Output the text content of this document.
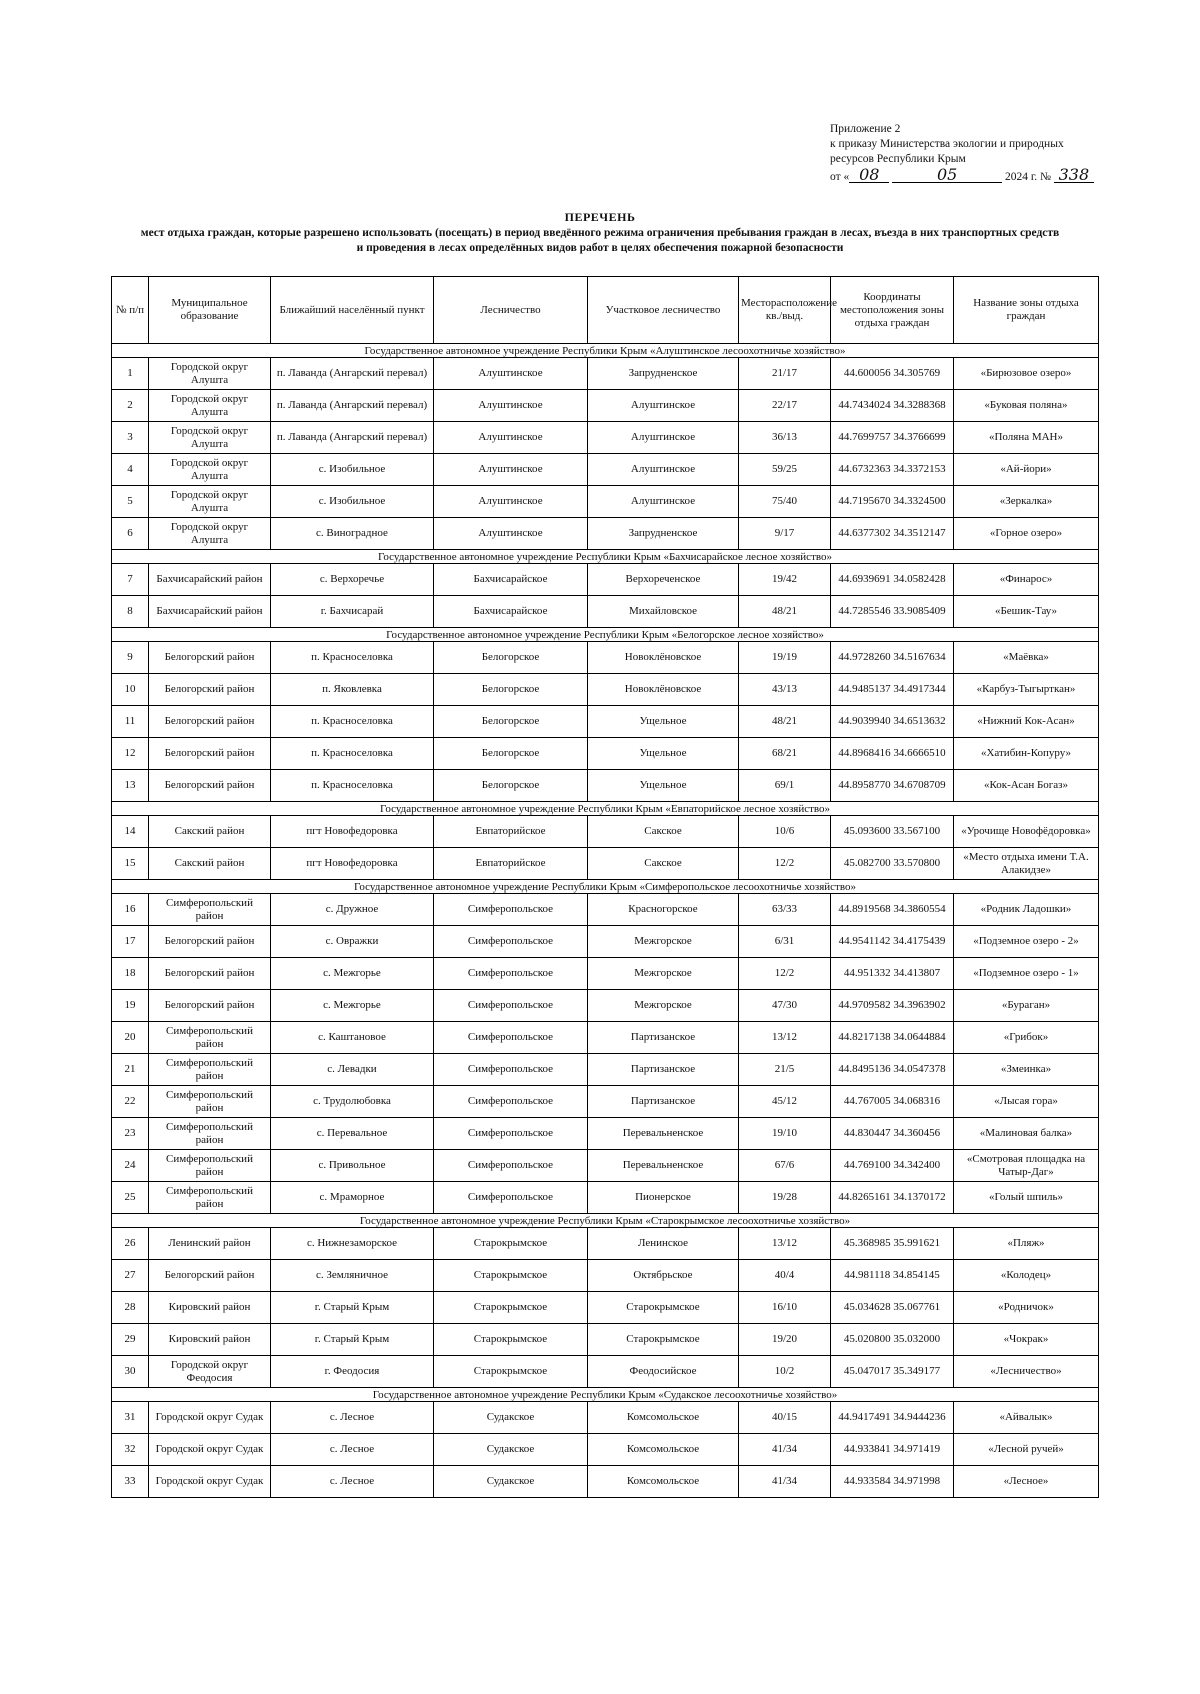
Приложение 2
к приказу Министерства экологии и природных
ресурсов Республики Крым
от « 08	05	2024 г. № 338
ПЕРЕЧЕНЬ
мест отдыха граждан, которые разрешено использовать (посещать) в период введённого режима ограничения пребывания граждан в лесах, въезда в них транспортных средств и проведения в лесах определённых видов работ в целях обеспечения пожарной безопасности
№ п/п	Муниципальное образование	Ближайший населённый пункт	Лесничество	Участковое лесничество	Месторасположение кв./выд.	Координаты местоположения зоны отдыха граждан	Название зоны отдыха граждан
Государственное автономное учреждение Республики Крым «Алуштинское лесоохотничье хозяйство»							
1	Городской округ Алушта	п. Лаванда (Ангарский перевал)	Алуштинское	Запрудненское	21/17	44.600056 34.305769	«Бирюзовое озеро»
2	Городской округ Алушта	п. Лаванда (Ангарский перевал)	Алуштинское	Алуштинское	22/17	44.7434024 34.3288368	«Буковая поляна»
3	Городской округ Алушта	п. Лаванда (Ангарский перевал)	Алуштинское	Алуштинское	36/13	44.7699757 34.3766699	«Поляна МАН»
4	Городской округ Алушта	с. Изобильное	Алуштинское	Алуштинское	59/25	44.6732363 34.3372153	«Ай-йори»
5	Городской округ Алушта	с. Изобильное	Алуштинское	Алуштинское	75/40	44.7195670 34.3324500	«Зеркалка»
6	Городской округ Алушта	с. Виноградное	Алуштинское	Запрудненское	9/17	44.6377302 34.3512147	«Горное озеро»
Государственное автономное учреждение Республики Крым «Бахчисарайское лесное хозяйство»							
7	Бахчисарайский район	с. Верхоречье	Бахчисарайское	Верхореченское	19/42	44.6939691 34.0582428	«Финарос»
8	Бахчисарайский район	г. Бахчисарай	Бахчисарайское	Михайловское	48/21	44.7285546 33.9085409	«Бешик-Тау»
Государственное автономное учреждение Республики Крым «Белогорское лесное хозяйство»							
9	Белогорский район	п. Красноселовка	Белогорское	Новоклёновское	19/19	44.9728260 34.5167634	«Маёвка»
10	Белогорский район	п. Яковлевка	Белогорское	Новоклёновское	43/13	44.9485137 34.4917344	«Карбуз-Тыгырткан»
11	Белогорский район	п. Красноселовка	Белогорское	Ущельное	48/21	44.9039940 34.6513632	«Нижний Кок-Асан»
12	Белогорский район	п. Красноселовка	Белогорское	Ущельное	68/21	44.8968416 34.6666510	«Хатибин-Копуру»
13	Белогорский район	п. Красноселовка	Белогорское	Ущельное	69/1	44.8958770 34.6708709	«Кок-Асан Богаз»
Государственное автономное учреждение Республики Крым «Евпаторийское лесное хозяйство»							
14	Сакский район	пгт Новофедоровка	Евпаторийское	Сакское	10/6	45.093600 33.567100	«Урочище Новофёдоровка»
15	Сакский район	пгт Новофедоровка	Евпаторийское	Сакское	12/2	45.082700 33.570800	«Место отдыха имени Т.А. Алакидзе»
Государственное автономное учреждение Республики Крым «Симферопольское лесоохотничье хозяйство»							
16	Симферопольский район	с. Дружное	Симферопольское	Красногорское	63/33	44.8919568 34.3860554	«Родник Ладошки»
17	Белогорский район	с. Овражки	Симферопольское	Межгорское	6/31	44.9541142 34.4175439	«Подземное озеро - 2»
18	Белогорский район	с. Межгорье	Симферопольское	Межгорское	12/2	44.951332 34.413807	«Подземное озеро - 1»
19	Белогорский район	с. Межгорье	Симферопольское	Межгорское	47/30	44.9709582 34.3963902	«Бураган»
20	Симферопольский район	с. Каштановое	Симферопольское	Партизанское	13/12	44.8217138 34.0644884	«Грибок»
21	Симферопольский район	с. Левадки	Симферопольское	Партизанское	21/5	44.8495136 34.0547378	«Змеинка»
22	Симферопольский район	с. Трудолюбовка	Симферопольское	Партизанское	45/12	44.767005 34.068316	«Лысая гора»
23	Симферопольский район	с. Перевальное	Симферопольское	Перевальненское	19/10	44.830447 34.360456	«Малиновая балка»
24	Симферопольский район	с. Привольное	Симферопольское	Перевальненское	67/6	44.769100 34.342400	«Смотровая площадка на Чатыр-Даг»
25	Симферопольский район	с. Мраморное	Симферопольское	Пионерское	19/28	44.8265161 34.1370172	«Голый шпиль»
Государственное автономное учреждение Республики Крым «Старокрымское лесоохотничье хозяйство»							
26	Ленинский район	с. Нижнезаморское	Старокрымское	Ленинское	13/12	45.368985 35.991621	«Пляж»
27	Белогорский район	с. Земляничное	Старокрымское	Октябрьское	40/4	44.981118 34.854145	«Колодец»
28	Кировский район	г. Старый Крым	Старокрымское	Старокрымское	16/10	45.034628 35.067761	«Родничок»
29	Кировский район	г. Старый Крым	Старокрымское	Старокрымское	19/20	45.020800 35.032000	«Чокрак»
30	Городской округ Феодосия	г. Феодосия	Старокрымское	Феодосийское	10/2	45.047017 35.349177	«Лесничество»
Государственное автономное учреждение Республики Крым «Судакское лесоохотничье хозяйство»							
31	Городской округ Судак	с. Лесное	Судакское	Комсомольское	40/15	44.9417491 34.9444236	«Айвалык»
32	Городской округ Судак	с. Лесное	Судакское	Комсомольское	41/34	44.933841 34.971419	«Лесной ручей»
33	Городской округ Судак	с. Лесное	Судакское	Комсомольское	41/34	44.933584 34.971998	«Лесное»
